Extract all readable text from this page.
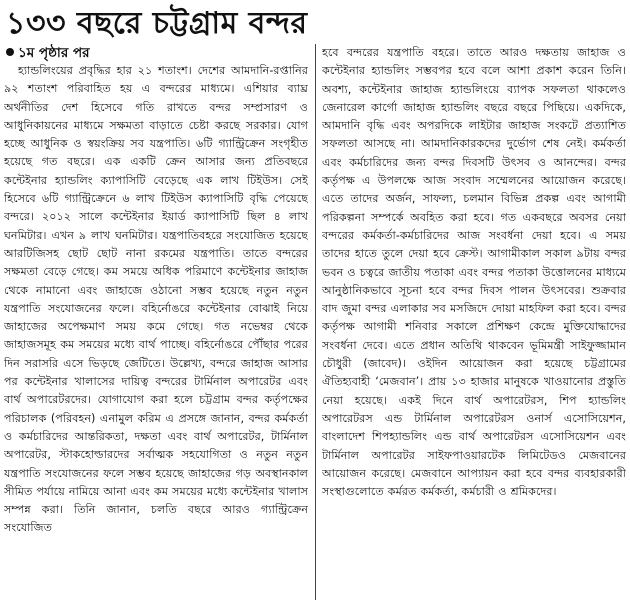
১৩৩ বছরে চট্টগ্রাম বন্দর
১ম পৃষ্ঠার পর

হ্যান্ডলিংয়ের প্রবৃদ্ধির হার ২১ শতাংশ। দেশের আমদানি-রপ্তানির ৯২ শতাংশ পরিবাহিত হয় এ বন্দরের মাধ্যমে। এশিয়ার ব্যাঘ্র অর্থনীতির দেশ হিসেবে গতি রাখতে বন্দর সম্প্রসারণ ও আধুনিকায়নের মাধ্যমে সক্ষমতা বাড়াতে চেষ্টা করছে সরকার। যোগ হচ্ছে আধুনিক ও স্বয়ংক্রিয় সব যন্ত্রপাতি। ৬টি গ্যান্ট্রিক্রেন সংগৃহীত হয়েছে গত বছরে। এক একটি ক্রেন আসার জন্য প্রতিবছরে কন্টেইনার হ্যান্ডলিং ক্যাপাসিটি বেড়েছে এক লাখ টিইউস। সেই হিসেবে ৬টি গ্যান্ট্রিক্রেনে ৬ লাখ টিইউস ক্যাপাসিটি বৃদ্ধি পেয়েছে বন্দরে। ২০১২ সালে কন্টেইনার ইয়ার্ড ক্যাপাসিটি ছিল ৪ লাখ ঘনমিটার। এখন ৯ লাখ ঘনমিটার। যন্ত্রপাতিবহরে সংযোজিত হয়েছে আরটিজিসহ ছোট ছোট নানা রকমের যন্ত্রপাতি। তাতে বন্দরের সক্ষমতা বেড়ে গেছে। কম সময়ে অধিক পরিমাণে কন্টেইনার জাহাজ থেকে নামানো এবং জাহাজে ওঠানো সম্ভব হয়েছে নতুন নতুন যন্ত্রপাতি সংযোজনের ফলে। বহির্নোঙরে কন্টেইনার বোঝাই নিয়ে জাহাজের অপেক্ষমাণ সময় কমে গেছে। গত নভেম্বর থেকে জাহাজসমূহ কম সময়ের মধ্যে বার্থ পাচ্ছে। বহির্নোঙরে পৌঁছার পরের দিন সরাসরি এসে ভিড়ছে জেটিতে। উল্লেখ্য, বন্দরে জাহাজ আসার পর কন্টেইনার খালাসের দায়িত্ব বন্দরের টার্মিনাল অপারেটর এবং বার্থ অপারেটরদের। যোগাযোগ করা হলে চট্টগ্রাম বন্দর কর্তৃপক্ষের পরিচালক (পরিবহন) এনামুল করিম এ প্রসঙ্গে জানান, বন্দর কর্মকর্তা ও কর্মচারিদের আন্তরিকতা, দক্ষতা এবং বার্থ অপারেটর, টার্মিনাল অপারেটর, স্টাকহোল্ডারদের সর্বাত্মক সহযোগিতা ও নতুন নতুন যন্ত্রপাতি সংযোজনের ফলে সম্ভব হয়েছে জাহাজের গড় অবস্থানকাল সীমিত পর্যায়ে নামিয়ে আনা এবং কম সময়ের মধ্যে কন্টেইনার খালাস সম্পন্ন করা। তিনি জানান, চলতি বছরে আরও গ্যান্ট্রিক্রেন সংযোজিত

হবে বন্দরের যন্ত্রপাতি বহরে। তাতে আরও দক্ষতায় জাহাজ ও কন্টেইনার হ্যান্ডলিং সম্ভবপর হবে বলে আশা প্রকাশ করেন তিনি। অবশ্য, কন্টেইনার জাহাজ হ্যান্ডলিংয়ে ব্যাপক সফলতা থাকলেও জেনারেল কার্গো জাহাজ হ্যান্ডলিং বছরে বছরে পিছিয়ে। একদিকে, আমদানি বৃদ্ধি এবং অপরদিকে লাইটার জাহাজ সংকটে প্রত্যাশিত সফলতা আসছে না। আমদানিকারকদের দুর্ভোগ শেষ নেই। কর্মকর্তা এবং কর্মচারিদের জন্য বন্দর দিবসটি উৎসব ও আনন্দের। বন্দর কর্তৃপক্ষ এ উপলক্ষে আজ সংবাদ সম্মেলনের আয়োজন করেছে। এতে তাদের অর্জন, সাফল্য, চলমান বিভিন্ন প্রকল্প এবং আগামী পরিকল্পনা সম্পর্কে অবহিত করা হবে। গত একবছরে অবসর নেয়া বন্দরের কর্মকর্তা-কর্মচারিদের আজ সংবর্ধনা দেয়া হবে। এ সময় তাদের হাতে তুলে দেয়া হবে ক্রেস্ট। আগামীকাল সকাল ৯টায় বন্দর ভবন ও চত্বরে জাতীয় পতাকা এবং বন্দর পতাকা উত্তোলনের মাধ্যমে আনুষ্ঠানিকভাবে সূচনা হবে বন্দর দিবস পালন উৎসবের। শুক্রবার বাদ জুমা বন্দর এলাকার সব মসজিদে দোয়া মাহফিল করা হবে। বন্দর কর্তৃপক্ষ আগামী শনিবার সকালে প্রশিক্ষণ কেন্দ্রে মুক্তিযোদ্ধাদের সংবর্ধনা দেবে। এতে প্রধান অতিথি থাকবেন ভূমিমন্ত্রী সাইফুজ্জামান চৌধুরী (জাবেদ)। ওইদিন আয়োজন করা হয়েছে চট্টগ্রামের ঐতিহ্যবাহী ‘মেজবান’। প্রায় ১৩ হাজার মানুষকে খাওয়ানোর প্রস্তুতি নেয়া হয়েছে। একই দিনে বার্থ অপারেটরস, শিপ হ্যান্ডলিং অপারেটরস এন্ড টার্মিনাল অপারেটরস ওনার্স এসোসিয়েশন, বাংলাদেশ শিপহ্যান্ডলিং এন্ড বার্থ অপারেটরস এসোসিয়েশন এবং টার্মিনাল অপারেটর সাইফপাওয়ারটেক লিমিটেডও মেজবানের আয়োজন করেছে। মেজবানে আপ্যায়ন করা হবে বন্দর ব্যবহারকারী সংস্থাগুলোতে কর্মরত কর্মকর্তা, কর্মচারী ও শ্রমিকদের।
